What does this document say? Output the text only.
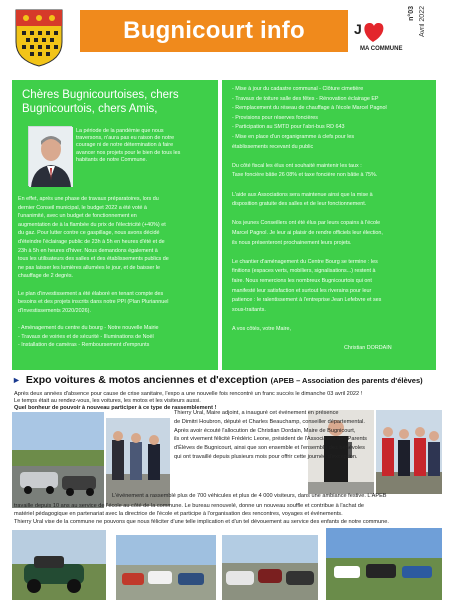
Bugnicourt info	J
MA COMMUNE
Avril 2022
n°03
La période de la pandémie que nous
traversons, n'aura pas eu raison de notre
courage ni de notre détermination à faire
avancer nos projets pour le bien de tous les
habitants de notre Commune.
En effet, après une phase de travaux préparatoires, lors du
dernier Conseil municipal, le budget 2022 a été voté à
l'unanimité, avec un budget de fonctionnement en
augmentation de à la flambée du prix de l'électricité (+40%) et
du gaz. Pour lutter contre ce gaspillage, nous avons décidé
d'éteindre l'éclairage public de 23h à 5h en heures d'été et de
23h à 5h en heures d'hiver. Nous demandons également à
tous les utilisateurs des salles et des établissements publics de
ne pas laisser les lumières allumées le jour, et de baisser le
chauffage de 2 degrés.
Le plan d'investissement a été élaboré en tenant compte des
besoins et des projets inscrits dans notre PPI (Plan Pluriannuel
d'Investissements 2020/2026).
- Aménagement du centre du bourg - Notre nouvelle Mairie
- Travaux de voiries et de sécurité - Illuminations de Noël
- Installation de caméras - Remboursement d'emprunts
Chères Bugnicourtoises, chers Bugnicourtois, chers Amis,
- Mise à jour du cadastre communal - Clôture cimetière
- Travaux de toiture salle des fêtes - Rénovation éclairage EP
- Remplacement du réseau de chauffage à l'école Marcel Pagnol
- Provisions pour réserves foncières
- Participation au SMTD pour l'abri-bus RD 643
- Mise en place d'un organigramme à clefs pour les
établissements recevant du public
Du côté fiscal les élus ont souhaité maintenir les taux :
Taxe foncière bâtie 26 08% et taxe foncière non bâtie à 75%.
L'aide aux Associations sera maintenue ainsi que la mise à
disposition gratuite des salles et de leur fonctionnement.
Nos jeunes Conseillers ont été élus par leurs copains à l'école
Marcel Pagnol. Je leur ai plaisir de rendre officiels leur élection,
ils nous présenteront prochainement leurs projets.
Le chantier d'aménagement du Centre Bourg se termine : les
finitions (espaces verts, mobiliers, signalisations...) restent à
faire. Nous remercions les nombreux Bugnicourtois qui ont
manifesté leur satisfaction et surtout les riverains pour leur
patience : le ralentissement à l'entreprise Jean Lefebvre et ses
sous-traitants.
A vos côtés, votre Maire,
Christian DORDAIN
► Expo voitures & motos anciennes et d'exception (APEB – Association des parents d'élèves)
Après deux années d'absence pour cause de crise sanitaire, l'expo a une nouvelle fois rencontré un franc succès le dimanche 03 avril 2022 !
Le temps était au rendez-vous, les voitures, les motos et les visiteurs aussi.
Quel bonheur de pouvoir à nouveau participer à ce type de rassemblement !
Thierry Ural, Maire adjoint, a inauguré cet événement en présence
de Dimitri Houbron, député et Charles Beauchamp, conseiller départemental.
Après avoir écouté l'allocution de Christian Dordain, Maire de Bugnicourt,
ils ont vivement félicité Frédéric Leone, président de l'Association des Parents
d'Élèves de Bugnicourt, ainsi que son ensemble et l'ensemble des bénévoles
qui ont travaillé depuis plusieurs mois pour offrir cette journée d'exception.
L'événement a rassemblé plus de 700 véhicules et plus de 4 000 visiteurs, dans une ambiance festive. L'APEB
travaille depuis 10 ans au service de l'école au côté de la commune. Le bureau renouvelé, donne un nouveau souffle et contribue à l'achat de
matériel pédagogique en partenariat avec la directrice de l'école et participe à l'organisation des rencontres, voyages et événements.
Thierry Ural vise de la commune ne pouvons que nous féliciter d'une telle implication et d'un tel dévouement au service des enfants de notre commune.
